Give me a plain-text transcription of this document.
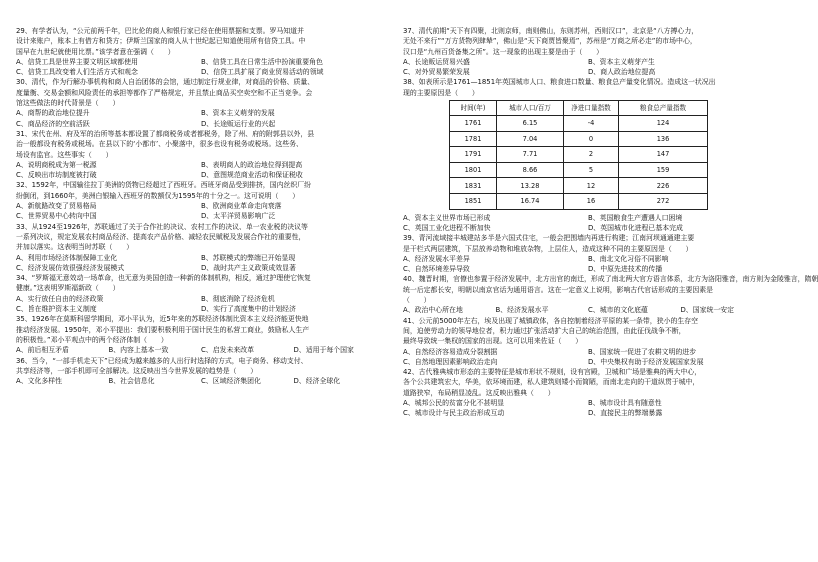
29、有学者认为，“公元前两千年，巴比伦的商人和银行家已经在使用票据和支票。罗马知道并
设计来账户，账本上有借方和贷方；伊斯兰国家的商人从十世纪起已知道使用所有信贷工具。中
国早在九世纪就使用比票。”该学者意在强调（　　）
A、信贷工具是世界主要文明区域都使用	B、信贷工具在日常生活中扮演重要角色
C、信贷工具改变着人们生活方式和观念	D、信贷工具扩展了商业贸易活动的领域
30、清代，作为行解办事机构和商人自治团体的会馆，通过制定行规业律，对商品的价格、质量、
度量衡、交易金额和风险责任的承担等都作了严格规定，并且禁止商品买空卖空和不正当竞争。会
馆这些做法的时代背景是（　　）
A、商帮的政治地位提升	B、资本主义萌芽的发展
C、商品经济的空前活跃	D、长途贩运行业的兴起
31、宋代在州、府及军的治所等基本都设置了都商税务或者都税务，除了州、府的附郭县以外，县
治一般都设有税务或税场。在县以下的‘小都市’、小聚落中，很多也设有税务或税场。这些务、
场设有监官。这些事实（　　）
A、说明商税成为第一税源	B、表明商人的政治地位得到提高
C、反映出市坊制度被打破	D、意图规范商业活动和保证税收
32、1592年，中国输往拉丁美洲的货物已经超过了西班牙。西班牙商品受到排挤，国内丝织厂纷
纷倒闭，到1660年，美洲白银输入西班牙的数额仅为1595年的十分之一。这可说明（　　）
A、新航路改变了贸易格局	B、欧洲商业革命走向衰落
C、世界贸易中心转向中国	D、太平洋贸易影响广泛
33、从1924至1926年，苏联通过了关于合作社的决议、农村工作的决议、单一农业税的决议等
一系列决议，规定发展农村商品经济、提高农产品价格、减轻农民赋税及发展合作社的重要性，
并加以落实。这表明当时苏联（　　）
A、利用市场经济体制保障工业化	B、苏联模式的弊端已开始显现
C、经济发展仿效很强经济发展模式	D、战时共产主义政策成效显著
34、“罗斯福无意效动一场革命，也无意为美国创造一种新的体制机构，相反，通过护理使它恢复
健康。”这表明罗斯福新政（　　）
A、实行放任自由的经济政策	B、彻底消除了经济危机
C、旨在维护资本主义制度	D、实行了高度集中的计划经济
35、1926年在莫斯科留学期间，邓小平认为，近5年来的苏联经济体制比资本主义经济能更快地
推动经济发展。1950年，邓小平提出：我们要积极利用于国计民生的私营工商业，鼓励私人生产
的积极性。”邓小平观点中的两个经济体制（　　）
A、前后相互矛盾	B、内容上基本一致	C、启发未来改革	D、适用于每个国家
36、当今，“一部手机走天下”已经成为越来越多的人出行时选择的方式，电子商务、移动支付、
共享经济等，一部手机即可全部解决。这反映出当今世界发展的趋势是（　　）
A、文化多样性	B、社会信息化	C、区域经济集团化	D、经济全球化
37、清代前期“天下有四聚，北则京师，南则佛山，东则苏州，西则汉口”，北京是“八方搏心力，
无处不来行”“万方货物列肆辇”，佛山是“天下商贾皆聚焉”，苏州是“万商之所必走”的市场中心，
汉口是“九州百货备集之所”。这一现象的出现主要是由于（　　）
A、长途贩运贸易兴盛	B、资本主义萌芽产生
C、对外贸易繁荣发展	D、商人政治地位提高
38、如表所示是1761—1851年英国城市人口、粮食进口数量、粮食总产量变化情况。造成这一状况出
现的主要原因是（　　）
时间(年)	城市人口/百万	净进口量指数	粮食总产量指数
1761	6.15	-4	124
1781	7.04	0	136
1791	7.71	2	147
1801	8.66	5	159
1831	13.28	12	226
1851	16.74	16	272
A、资本主义世界市场已形成	B、英国粮食生产遭遇人口困境
C、英国工业化进程不断加快	D、英国城市化进程已基本完成
39、青河流域接丰城建站多半是六国式住宅，一般会把围墙内再进行构建；江南河坝通通建主要
是干栏式两层建筑，下层放养动物和堆放杂物，上层住人，造成这种不同的主要原因是（　　）
A、经济发展水平差异	B、南北文化习俗不同影响
C、自然环境差异导致	D、中原先进技术的传播
40、魏晋时期，官僚也参置于经济发展中，北方出官的南迁，形成了南北两大官方语言体系，北方为洛阳雅音，南方则为金陵雅言，隋朝
统一后定都长安，明朝以南京官话为通用语言。这在一定意义上说明，影响古代官话形成的主要因素是
（　　）
A、政治中心所在地	B、经济发展水平	C、城市的文化底蕴	D、国家统一安定
41、公元前5000年左右，埃及出现了城镇政体，各自控制着经济平原的某一条带，狭小的生存空
间，迫使劳动力的领导地位者，积力通过扩张活动扩大自己的统治范围，由此征伐战争不断，
最终导致统一集权的国家的出现。这可以用来佐证（　　）
A、自然经济容易造成分裂割据	B、国家统一促进了农耕文明的进步
C、自然地理因素影响政治走向	D、中央集权有助于经济发展国家发展
42、古代雅典城市形态的主要特征是城市形状不规则，设有宫殿，卫城和广场是雅典的两大中心，
各个公共建筑宏大，华美，依环境而建，私人建筑则矮小而简陋，而南北走向的干道纵贯于城中，
道路狭窄，布局稍显凌乱。这反映出雅典（　　）
A、城邦公民的贫富分化不甚明显	B、城市设计具有随意性
C、城市设计与民主政治形成互动	D、直接民主的弊端暴露
